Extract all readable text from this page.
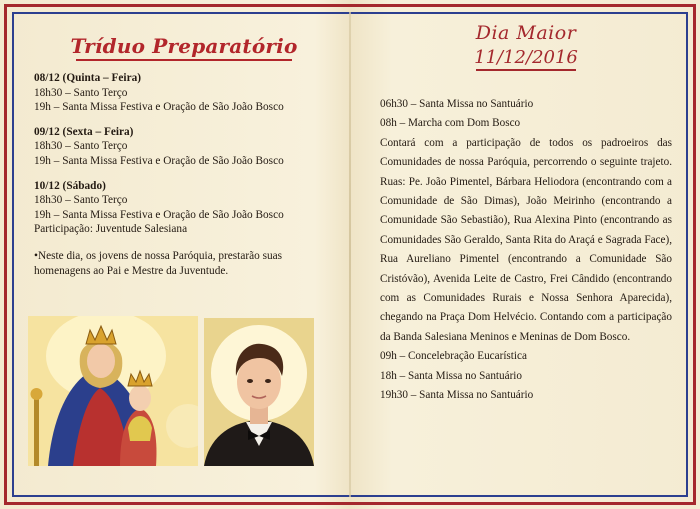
Tríduo Preparatório
08/12 (Quinta – Feira)
18h30 – Santo Terço
19h – Santa Missa Festiva e Oração de São João Bosco
09/12 (Sexta – Feira)
18h30 – Santo Terço
19h – Santa Missa Festiva e Oração de São João Bosco
10/12 (Sábado)
18h30 – Santo Terço
19h – Santa Missa Festiva e Oração de São João Bosco
Participação: Juventude Salesiana
•Neste dia, os jovens de nossa Paróquia, prestarão suas homenagens ao Pai e Mestre da Juventude.
Dia Maior
11/12/2016

06h30 – Santa Missa no Santuário

08h – Marcha com Dom Bosco

Contará com a participação de todos os padroeiros das Comunidades de nossa Paróquia, percorrendo o seguinte trajeto. Ruas: Pe. João Pimentel, Bárbara Heliodora (encontrando com a Comunidade de São Dimas), João Meirinho (encontrando a Comunidade São Sebastião), Rua Alexina Pinto (encontrando as Comunidades São Geraldo, Santa Rita do Araçá e Sagrada Face), Rua Aureliano Pimentel (encontrando a Comunidade São Cristóvão), Avenida Leite de Castro, Frei Cândido (encontrando com as Comunidades Rurais e Nossa Senhora Aparecida), chegando na Praça Dom Helvécio. Contando com a participação da Banda Salesiana Meninos e Meninas de Dom Bosco.

09h – Concelebração Eucarística

18h – Santa Missa no Santuário

19h30 – Santa Missa no Santuário
